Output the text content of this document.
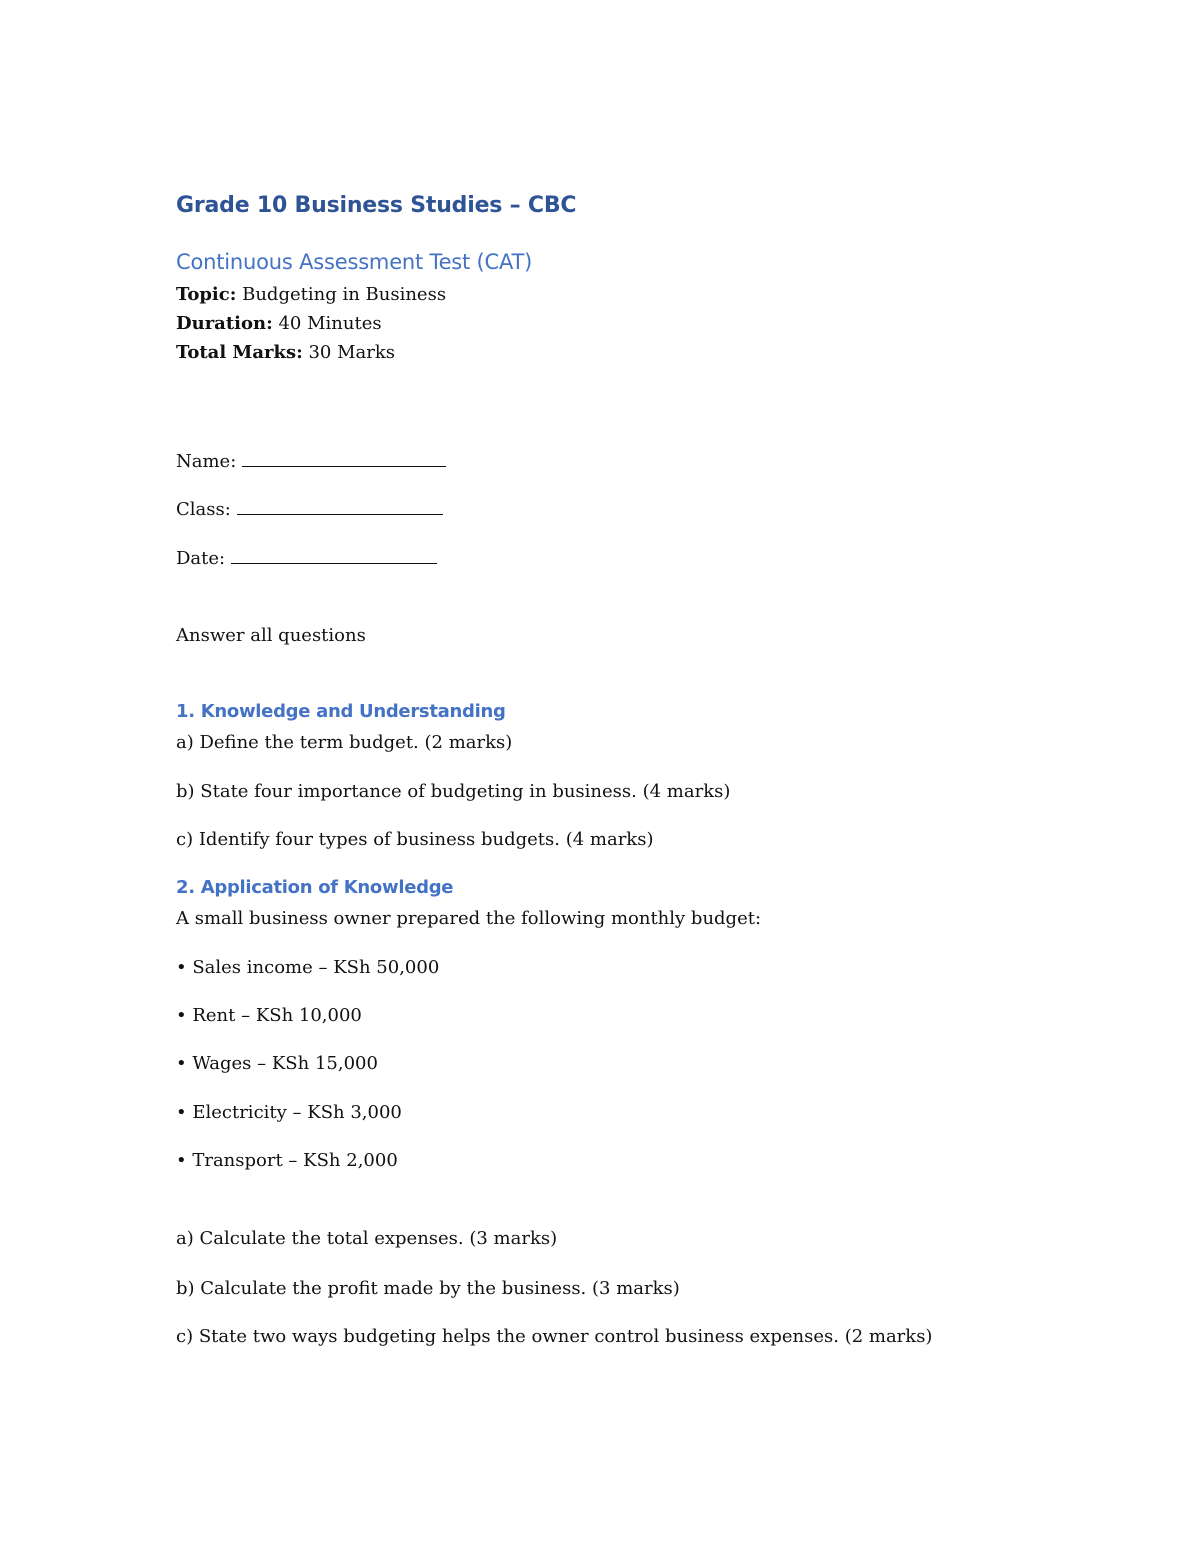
Grade 10 Business Studies – CBC
Continuous Assessment Test (CAT)
Topic: Budgeting in Business
Duration: 40 Minutes
Total Marks: 30 Marks
Name:
Class:
Date:
Answer all questions
1. Knowledge and Understanding
a) Define the term budget. (2 marks)
b) State four importance of budgeting in business. (4 marks)
c) Identify four types of business budgets. (4 marks)
2. Application of Knowledge
A small business owner prepared the following monthly budget:
• Sales income – KSh 50,000
• Rent – KSh 10,000
• Wages – KSh 15,000
• Electricity – KSh 3,000
• Transport – KSh 2,000
a) Calculate the total expenses. (3 marks)
b) Calculate the profit made by the business. (3 marks)
c) State two ways budgeting helps the owner control business expenses. (2 marks)
